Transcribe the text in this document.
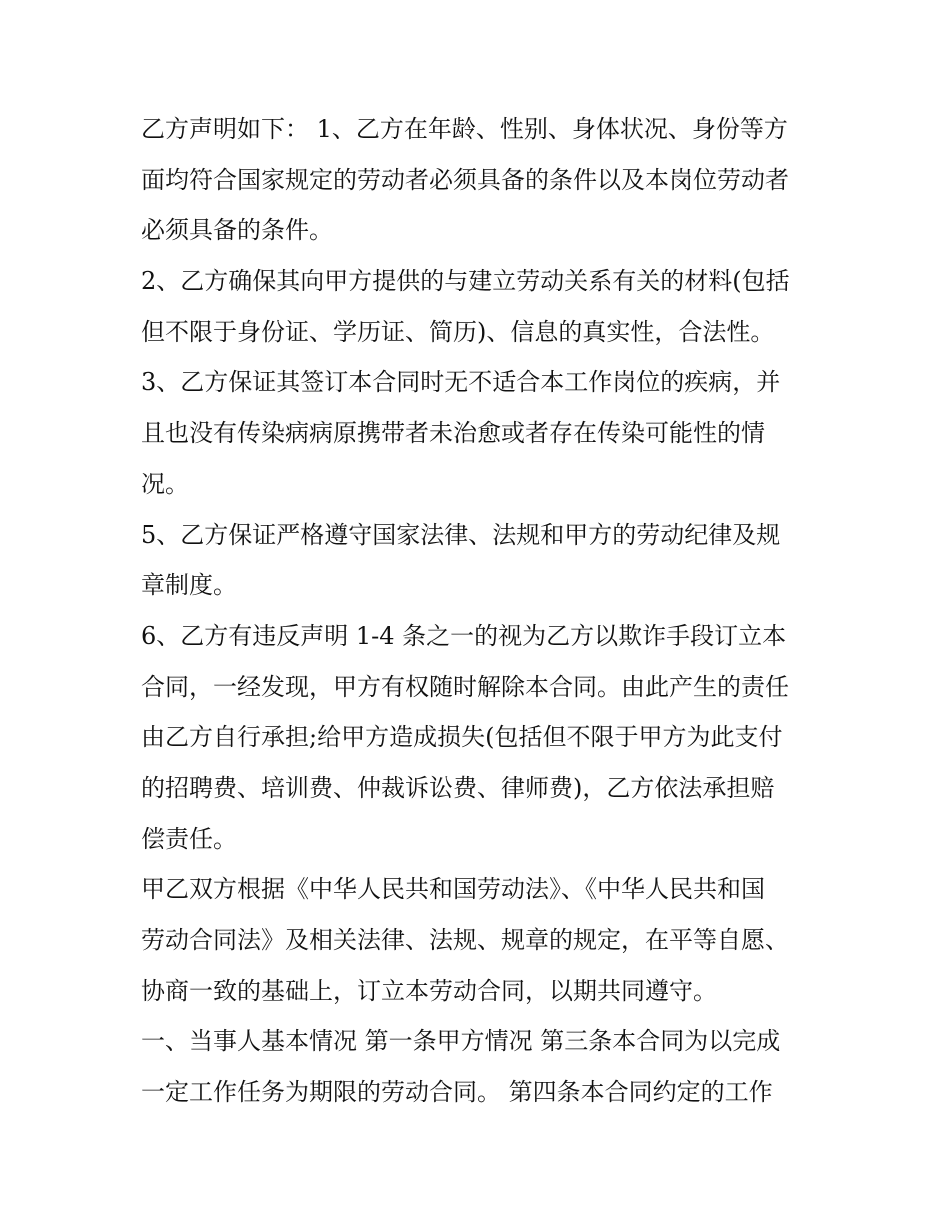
乙方声明如下： 1、乙方在年龄、性别、身体状况、身份等方
面均符合国家规定的劳动者必须具备的条件以及本岗位劳动者
必须具备的条件。
2、乙方确保其向甲方提供的与建立劳动关系有关的材料(包括
但不限于身份证、学历证、简历)、信息的真实性，合法性。
3、乙方保证其签订本合同时无不适合本工作岗位的疾病，并
且也没有传染病病原携带者未治愈或者存在传染可能性的情
况。
5、乙方保证严格遵守国家法律、法规和甲方的劳动纪律及规
章制度。
6、乙方有违反声明 1-4 条之一的视为乙方以欺诈手段订立本
合同，一经发现，甲方有权随时解除本合同。由此产生的责任
由乙方自行承担;给甲方造成损失(包括但不限于甲方为此支付
的招聘费、培训费、仲裁诉讼费、律师费)，乙方依法承担赔
偿责任。
甲乙双方根据《中华人民共和国劳动法》、《中华人民共和国
劳动合同法》及相关法律、法规、规章的规定，在平等自愿、
协商一致的基础上，订立本劳动合同，以期共同遵守。
一、当事人基本情况 第一条甲方情况 第三条本合同为以完成
一定工作任务为期限的劳动合同。 第四条本合同约定的工作
